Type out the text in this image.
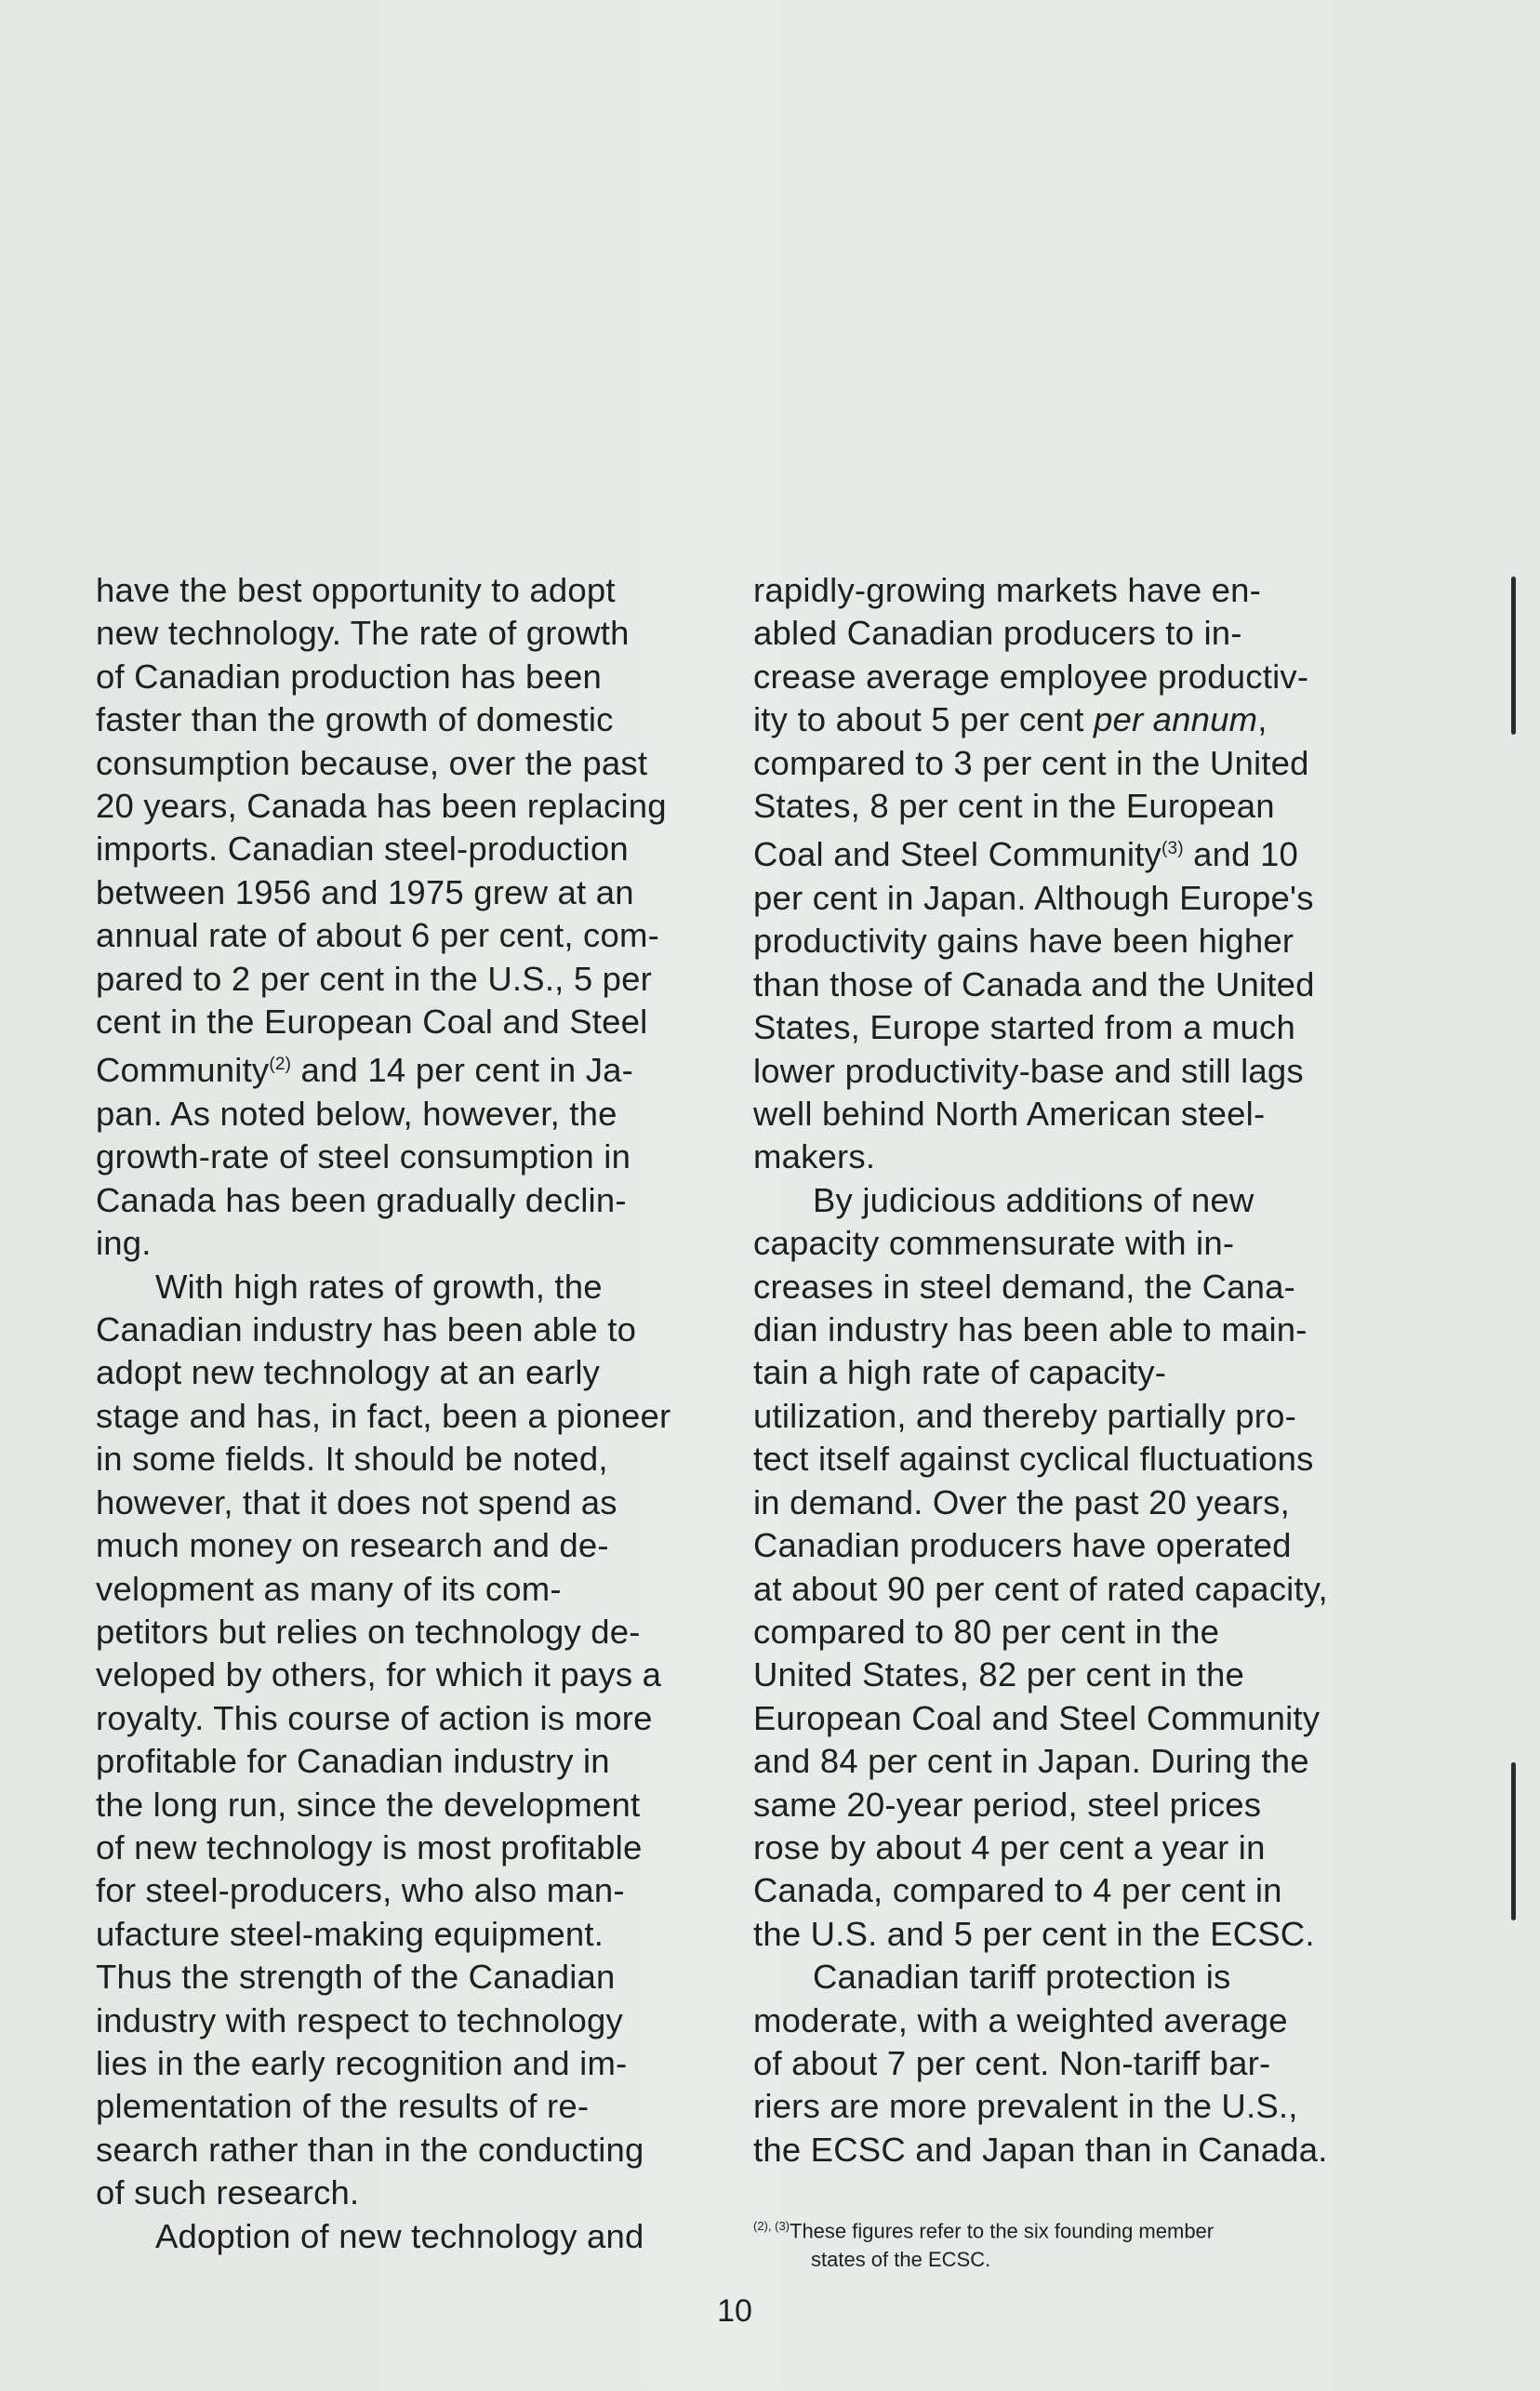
have the best opportunity to adopt
new technology. The rate of growth
of Canadian production has been
faster than the growth of domestic
consumption because, over the past
20 years, Canada has been replacing
imports. Canadian steel-production
between 1956 and 1975 grew at an
annual rate of about 6 per cent, com-
pared to 2 per cent in the U.S., 5 per
cent in the European Coal and Steel
Community$^{(2)}$ and 14 per cent in Ja-
pan. As noted below, however, the
growth-rate of steel consumption in
Canada has been gradually declin-
ing.

With high rates of growth, the
Canadian industry has been able to
adopt new technology at an early
stage and has, in fact, been a pioneer
in some fields. It should be noted,
however, that it does not spend as
much money on research and de-
velopment as many of its com-
petitors but relies on technology de-
veloped by others, for which it pays a
royalty. This course of action is more
profitable for Canadian industry in
the long run, since the development
of new technology is most profitable
for steel-producers, who also man-
ufacture steel-making equipment.
Thus the strength of the Canadian
industry with respect to technology
lies in the early recognition and im-
plementation of the results of re-
search rather than in the conducting
of such research.

Adoption of new technology and

rapidly-growing markets have en-
abled Canadian producers to in-
crease average employee productiv-
ity to about 5 per cent per annum,
compared to 3 per cent in the United
States, 8 per cent in the European
Coal and Steel Community$^{(3)}$ and 10
per cent in Japan. Although Europe's
productivity gains have been higher
than those of Canada and the United
States, Europe started from a much
lower productivity-base and still lags
well behind North American steel-
makers.

By judicious additions of new
capacity commensurate with in-
creases in steel demand, the Cana-
dian industry has been able to main-
tain a high rate of capacity-
utilization, and thereby partially pro-
tect itself against cyclical fluctuations
in demand. Over the past 20 years,
Canadian producers have operated
at about 90 per cent of rated capacity,
compared to 80 per cent in the
United States, 82 per cent in the
European Coal and Steel Community
and 84 per cent in Japan. During the
same 20-year period, steel prices
rose by about 4 per cent a year in
Canada, compared to 4 per cent in
the U.S. and 5 per cent in the ECSC.

Canadian tariff protection is
moderate, with a weighted average
of about 7 per cent. Non-tariff bar-
riers are more prevalent in the U.S.,
the ECSC and Japan than in Canada.

$^{(2), (3)}$These figures refer to the six founding member
states of the ECSC.
10
